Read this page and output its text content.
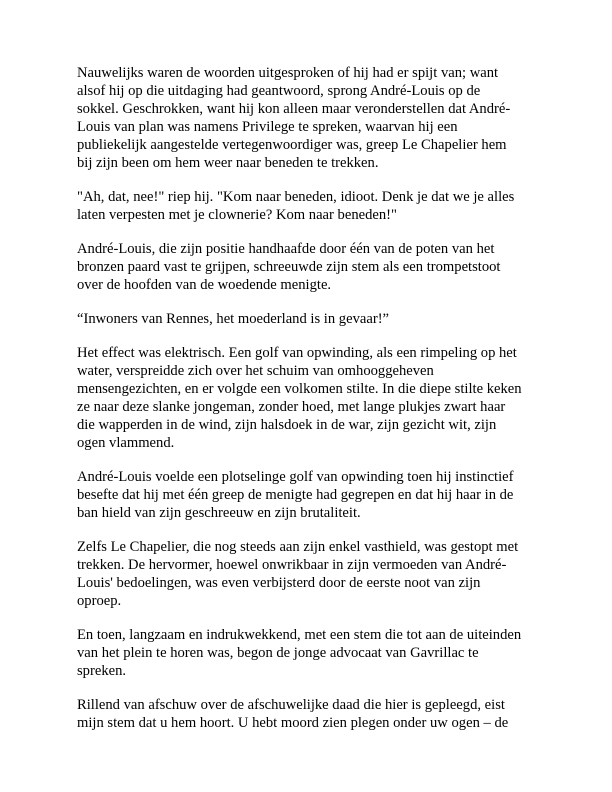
Nauwelijks waren de woorden uitgesproken of hij had er spijt van; want
alsof hij op die uitdaging had geantwoord, sprong André-Louis op de
sokkel. Geschrokken, want hij kon alleen maar veronderstellen dat André-
Louis van plan was namens Privilege te spreken, waarvan hij een
publiekelijk aangestelde vertegenwoordiger was, greep Le Chapelier hem
bij zijn been om hem weer naar beneden te trekken.
"Ah, dat, nee!" riep hij. "Kom naar beneden, idioot. Denk je dat we je alles
laten verpesten met je clownerie? Kom naar beneden!"
André-Louis, die zijn positie handhaafde door één van de poten van het
bronzen paard vast te grijpen, schreeuwde zijn stem als een trompetstoot
over de hoofden van de woedende menigte.
“Inwoners van Rennes, het moederland is in gevaar!”
Het effect was elektrisch. Een golf van opwinding, als een rimpeling op het
water, verspreidde zich over het schuim van omhooggeheven
mensengezichten, en er volgde een volkomen stilte. In die diepe stilte keken
ze naar deze slanke jongeman, zonder hoed, met lange plukjes zwart haar
die wapperden in de wind, zijn halsdoek in de war, zijn gezicht wit, zijn
ogen vlammend.
André-Louis voelde een plotselinge golf van opwinding toen hij instinctief
besefte dat hij met één greep de menigte had gegrepen en dat hij haar in de
ban hield van zijn geschreeuw en zijn brutaliteit.
Zelfs Le Chapelier, die nog steeds aan zijn enkel vasthield, was gestopt met
trekken. De hervormer, hoewel onwrikbaar in zijn vermoeden van André-
Louis' bedoelingen, was even verbijsterd door de eerste noot van zijn
oproep.
En toen, langzaam en indrukwekkend, met een stem die tot aan de uiteinden
van het plein te horen was, begon de jonge advocaat van Gavrillac te
spreken.
Rillend van afschuw over de afschuwelijke daad die hier is gepleegd, eist
mijn stem dat u hem hoort. U hebt moord zien plegen onder uw ogen – de
